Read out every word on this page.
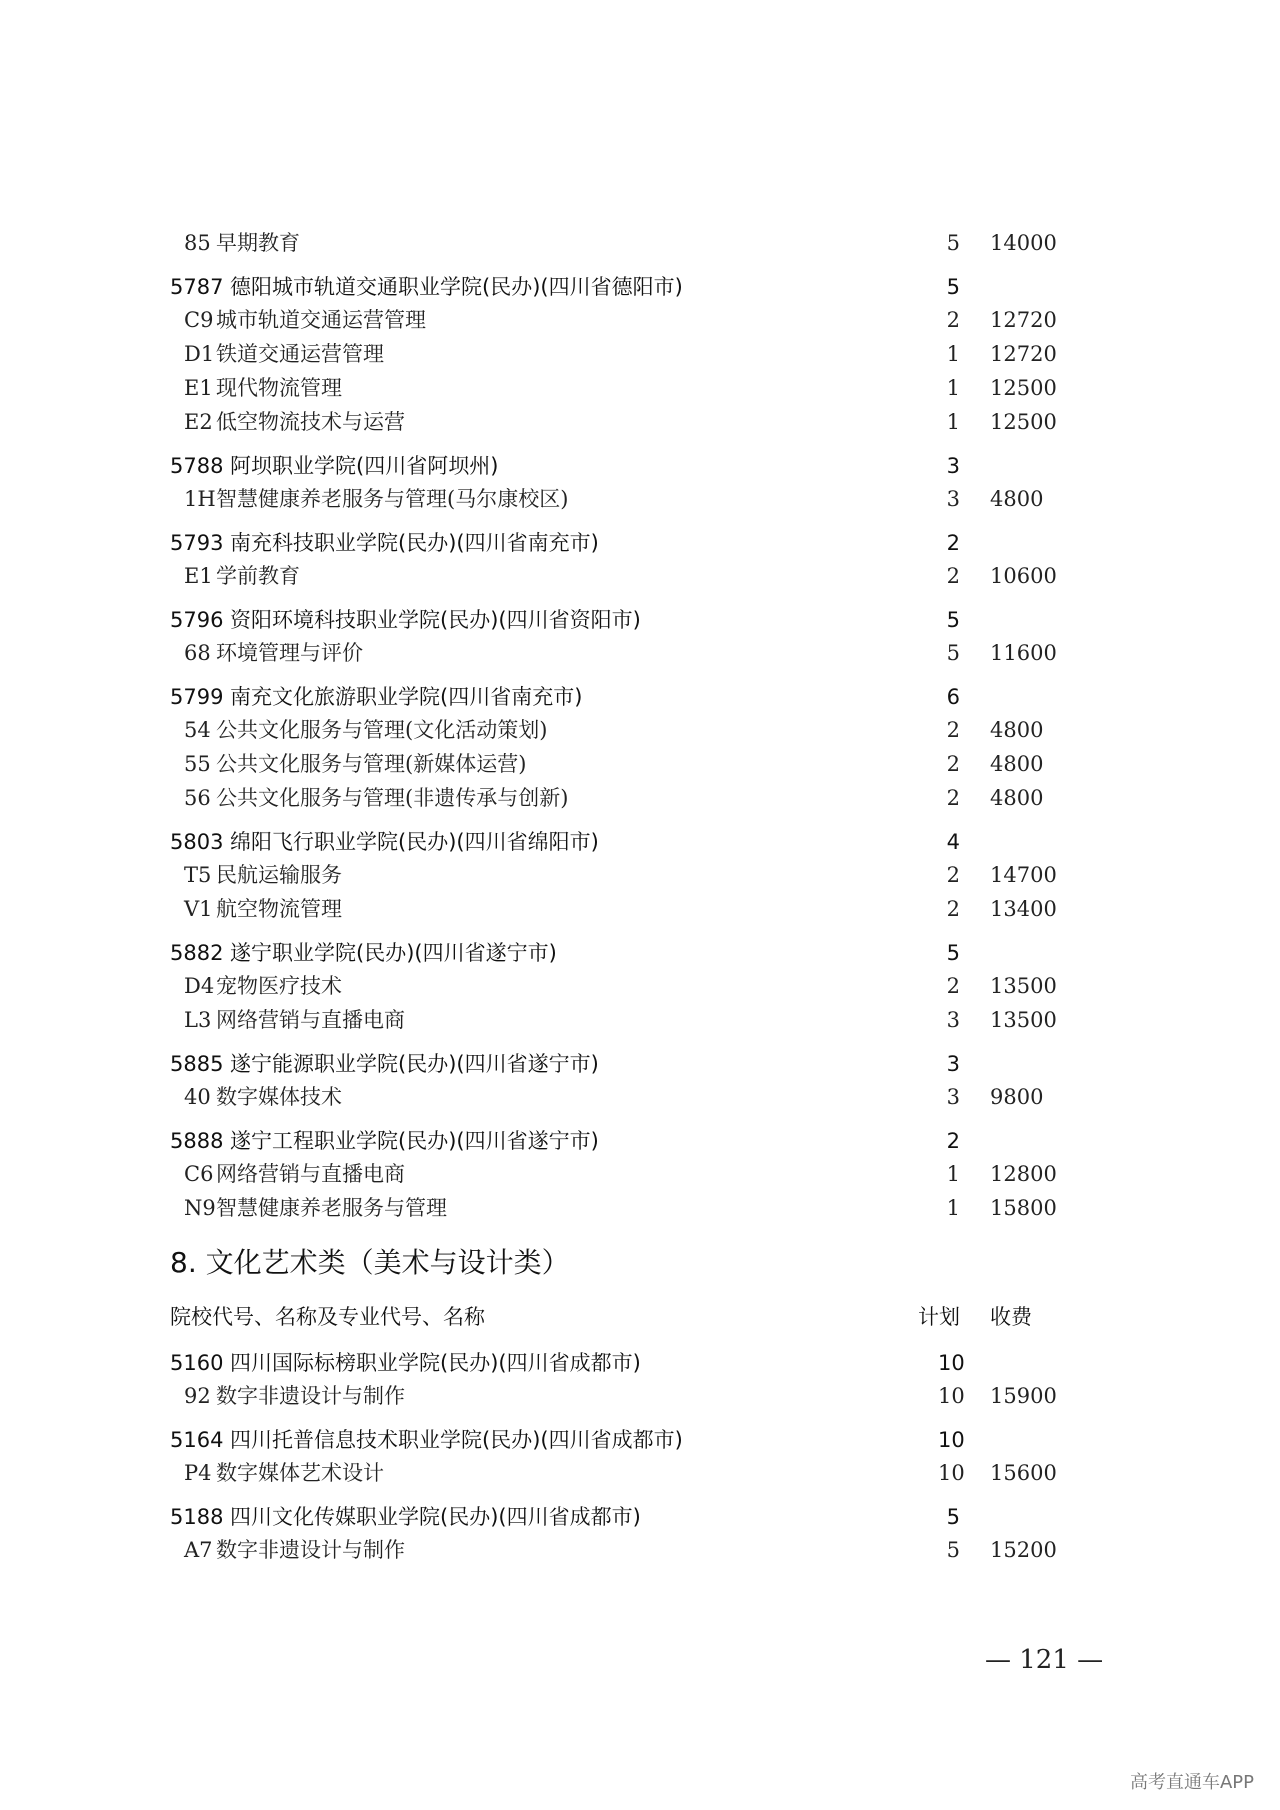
85 早期教育	5 14000
5787 德阳城市轨道交通职业学院(民办)(四川省德阳市)	5
C9 城市轨道交通运营管理	2 12720
D1 铁道交通运营管理	1 12720
E1 现代物流管理	1 12500
E2 低空物流技术与运营	1 12500
5788 阿坝职业学院(四川省阿坝州)	3
1H 智慧健康养老服务与管理(马尔康校区)	3 4800
5793 南充科技职业学院(民办)(四川省南充市)	2
E1 学前教育	2 10600
5796 资阳环境科技职业学院(民办)(四川省资阳市)	5
68 环境管理与评价	5 11600
5799 南充文化旅游职业学院(四川省南充市)	6
54 公共文化服务与管理(文化活动策划)	2 4800
55 公共文化服务与管理(新媒体运营)	2 4800
56 公共文化服务与管理(非遗传承与创新)	2 4800
5803 绵阳飞行职业学院(民办)(四川省绵阳市)	4
T5 民航运输服务	2 14700
V1 航空物流管理	2 13400
5882 遂宁职业学院(民办)(四川省遂宁市)	5
D4 宠物医疗技术	2 13500
L3 网络营销与直播电商	3 13500
5885 遂宁能源职业学院(民办)(四川省遂宁市)	3
40 数字媒体技术	3 9800
5888 遂宁工程职业学院(民办)(四川省遂宁市)	2
C6 网络营销与直播电商	1 12800
N9 智慧健康养老服务与管理	1 15800
8. 文化艺术类（美术与设计类）
院校代号、名称及专业代号、名称	计划 收费
5160 四川国际标榜职业学院(民办)(四川省成都市)	10
92 数字非遗设计与制作	10 15900
5164 四川托普信息技术职业学院(民办)(四川省成都市)	10
P4 数字媒体艺术设计	10 15600
5188 四川文化传媒职业学院(民办)(四川省成都市)	5
A7 数字非遗设计与制作	5 15200
— 121 —
高考直通车APP
